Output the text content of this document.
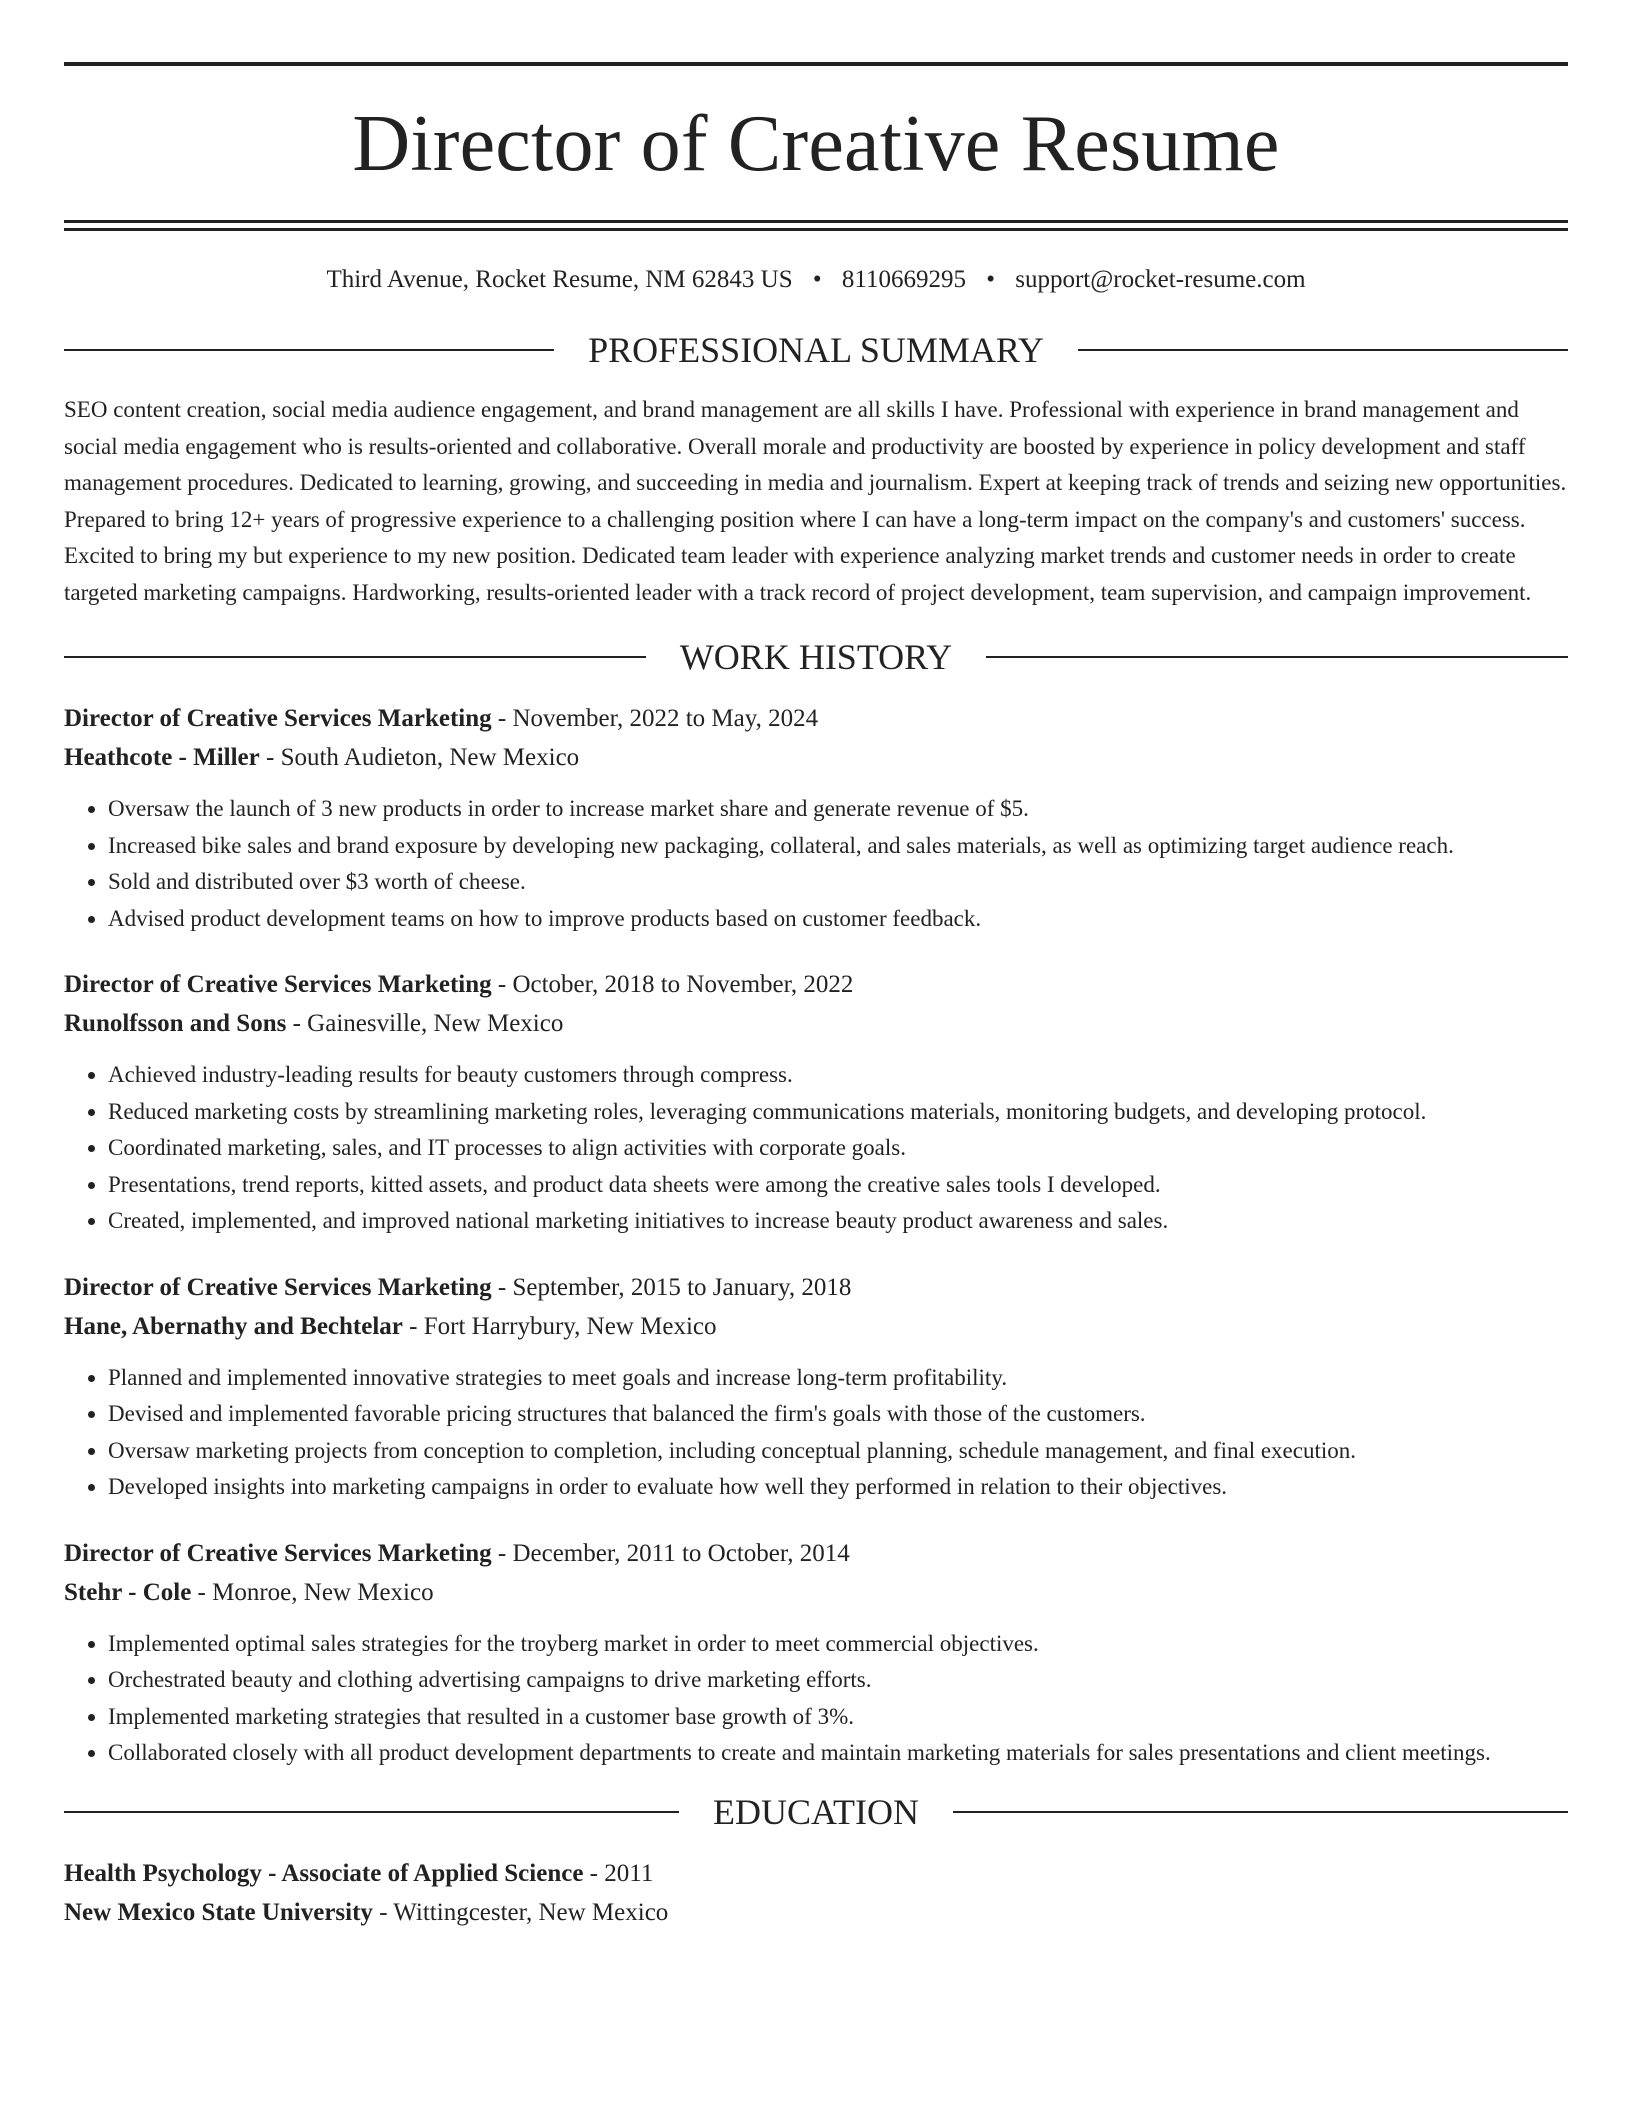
Director of Creative Resume
Third Avenue, Rocket Resume, NM 62843 US • 8110669295 • support@rocket-resume.com
PROFESSIONAL SUMMARY

SEO content creation, social media audience engagement, and brand management are all skills I have. Professional with experience in brand management and social media engagement who is results-oriented and collaborative. Overall morale and productivity are boosted by experience in policy development and staff management procedures. Dedicated to learning, growing, and succeeding in media and journalism. Expert at keeping track of trends and seizing new opportunities. Prepared to bring 12+ years of progressive experience to a challenging position where I can have a long-term impact on the company's and customers' success. Excited to bring my but experience to my new position. Dedicated team leader with experience analyzing market trends and customer needs in order to create targeted marketing campaigns. Hardworking, results-oriented leader with a track record of project development, team supervision, and campaign improvement.

WORK HISTORY
Director of Creative Services Marketing - November, 2022 to May, 2024
Heathcote - Miller - South Audieton, New Mexico
• Oversaw the launch of 3 new products in order to increase market share and generate revenue of $5.
• Increased bike sales and brand exposure by developing new packaging, collateral, and sales materials, as well as optimizing target audience reach.
• Sold and distributed over $3 worth of cheese.
• Advised product development teams on how to improve products based on customer feedback.
Director of Creative Services Marketing - October, 2018 to November, 2022
Runolfsson and Sons - Gainesville, New Mexico
• Achieved industry-leading results for beauty customers through compress.
• Reduced marketing costs by streamlining marketing roles, leveraging communications materials, monitoring budgets, and developing protocol.
• Coordinated marketing, sales, and IT processes to align activities with corporate goals.
• Presentations, trend reports, kitted assets, and product data sheets were among the creative sales tools I developed.
• Created, implemented, and improved national marketing initiatives to increase beauty product awareness and sales.
Director of Creative Services Marketing - September, 2015 to January, 2018
Hane, Abernathy and Bechtelar - Fort Harrybury, New Mexico
• Planned and implemented innovative strategies to meet goals and increase long-term profitability.
• Devised and implemented favorable pricing structures that balanced the firm's goals with those of the customers.
• Oversaw marketing projects from conception to completion, including conceptual planning, schedule management, and final execution.
• Developed insights into marketing campaigns in order to evaluate how well they performed in relation to their objectives.
Director of Creative Services Marketing - December, 2011 to October, 2014
Stehr - Cole - Monroe, New Mexico
• Implemented optimal sales strategies for the troyberg market in order to meet commercial objectives.
• Orchestrated beauty and clothing advertising campaigns to drive marketing efforts.
• Implemented marketing strategies that resulted in a customer base growth of 3%.
• Collaborated closely with all product development departments to create and maintain marketing materials for sales presentations and client meetings.
EDUCATION
Health Psychology - Associate of Applied Science - 2011
New Mexico State University - Wittingcester, New Mexico
